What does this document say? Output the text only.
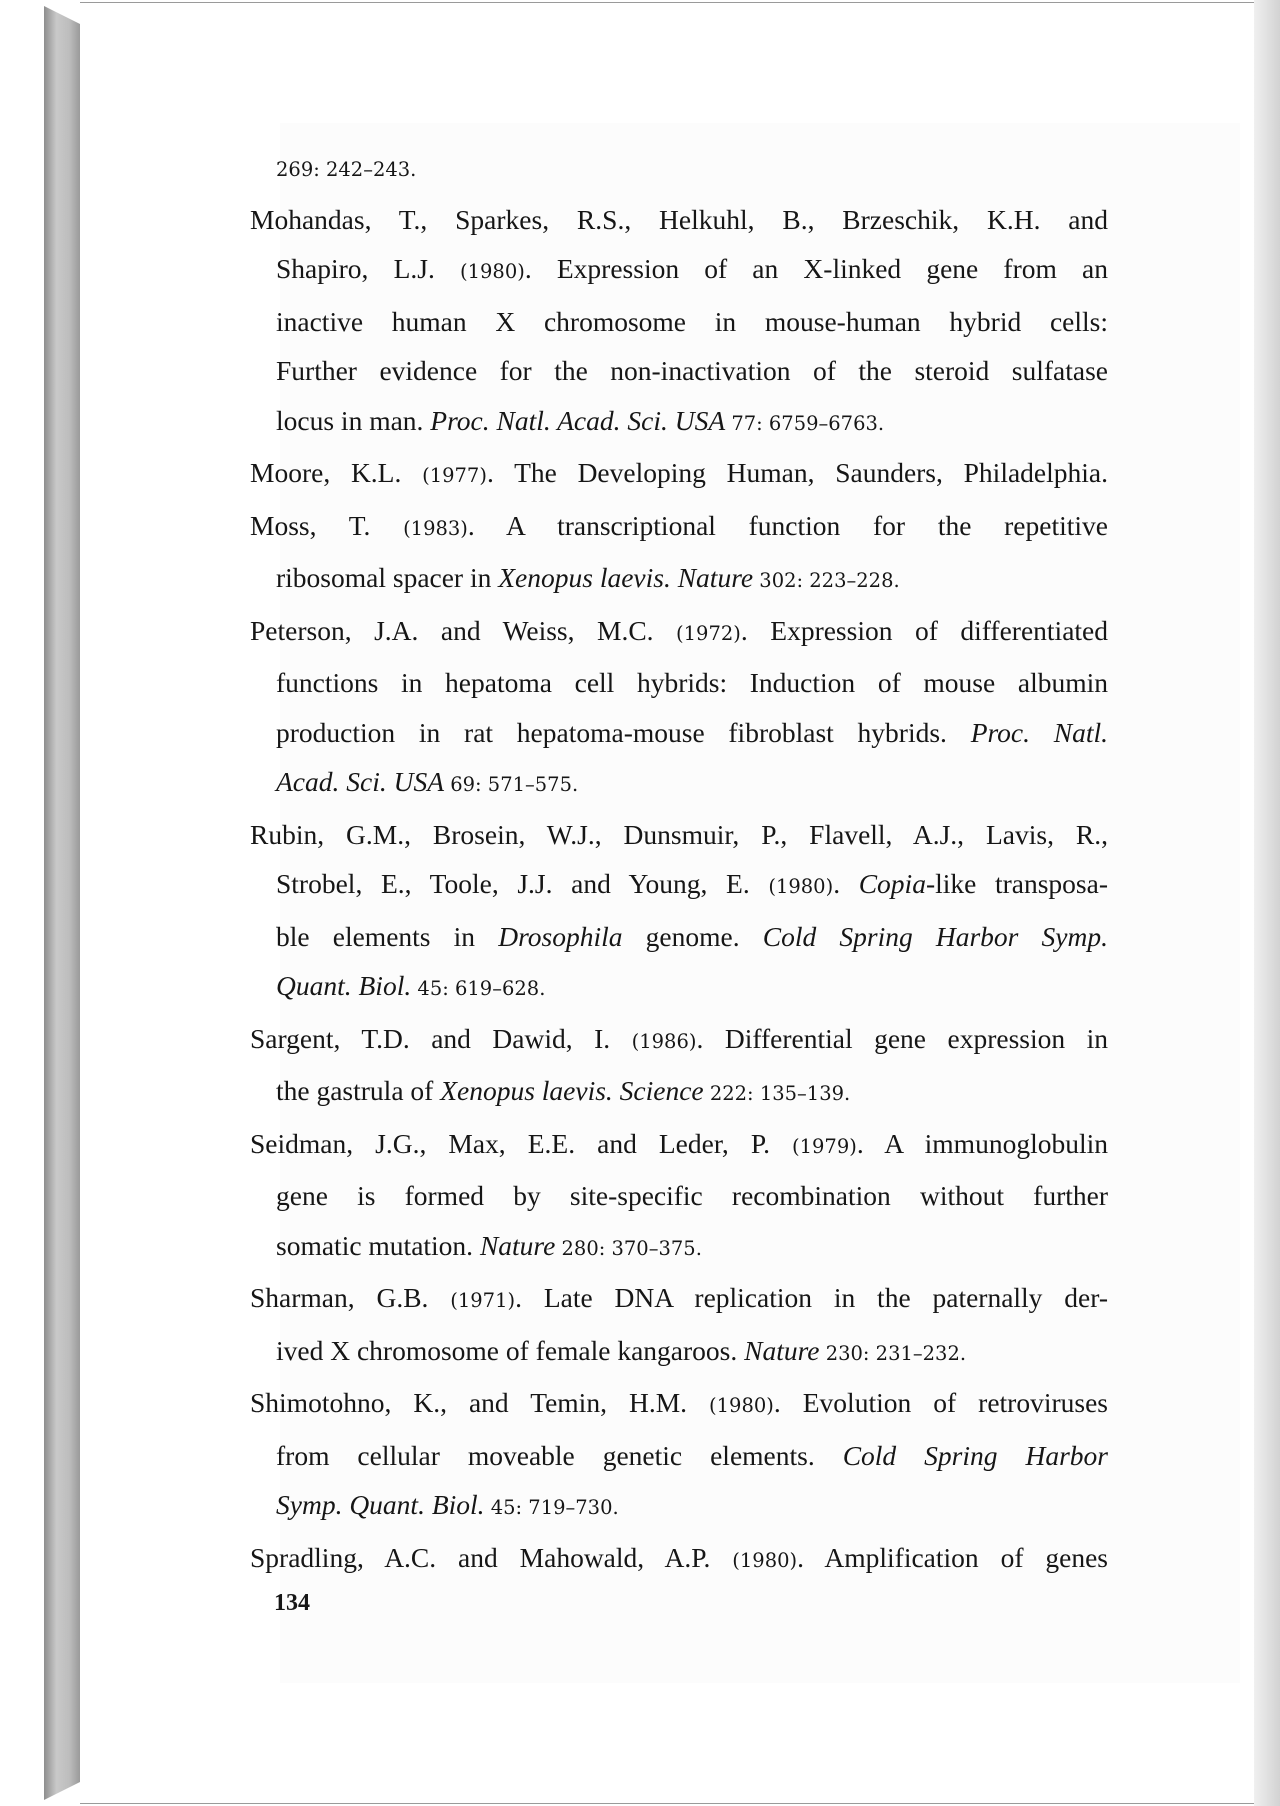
269: 242–243.
Mohandas, T., Sparkes, R.S., Helkuhl, B., Brzeschik, K.H. and
Shapiro, L.J. (1980). Expression of an X-linked gene from an
inactive human X chromosome in mouse-human hybrid cells:
Further evidence for the non-inactivation of the steroid sulfatase
locus in man. Proc. Natl. Acad. Sci. USA 77: 6759–6763.
Moore, K.L. (1977). The Developing Human, Saunders, Philadelphia.
Moss, T. (1983). A transcriptional function for the repetitive
ribosomal spacer in Xenopus laevis. Nature 302: 223–228.
Peterson, J.A. and Weiss, M.C. (1972). Expression of differentiated
functions in hepatoma cell hybrids: Induction of mouse albumin
production in rat hepatoma-mouse fibroblast hybrids. Proc. Natl.
Acad. Sci. USA 69: 571–575.
Rubin, G.M., Brosein, W.J., Dunsmuir, P., Flavell, A.J., Lavis, R.,
Strobel, E., Toole, J.J. and Young, E. (1980). Copia-like transposa-
ble elements in Drosophila genome. Cold Spring Harbor Symp.
Quant. Biol. 45: 619–628.
Sargent, T.D. and Dawid, I. (1986). Differential gene expression in
the gastrula of Xenopus laevis. Science 222: 135–139.
Seidman, J.G., Max, E.E. and Leder, P. (1979). A immunoglobulin
gene is formed by site-specific recombination without further
somatic mutation. Nature 280: 370–375.
Sharman, G.B. (1971). Late DNA replication in the paternally der-
ived X chromosome of female kangaroos. Nature 230: 231–232.
Shimotohno, K., and Temin, H.M. (1980). Evolution of retroviruses
from cellular moveable genetic elements. Cold Spring Harbor
Symp. Quant. Biol. 45: 719–730.
Spradling, A.C. and Mahowald, A.P. (1980). Amplification of genes
134
